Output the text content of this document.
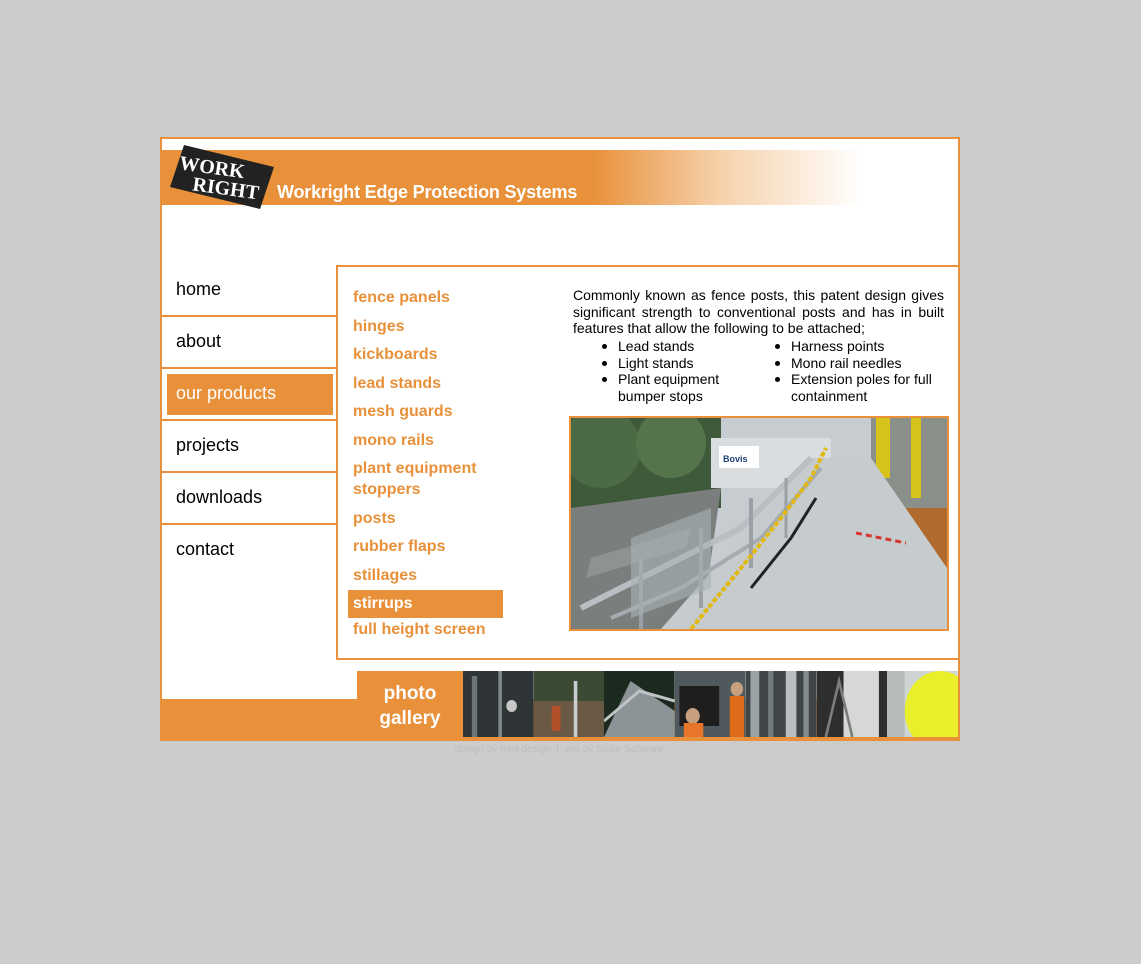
WORK
RIGHT Workright Edge Protection Systems
home
about
our products
projects
downloads
contact
fence panels
hinges
kickboards
lead stands
mesh guards
mono rails
plant equipment stoppers
posts
rubber flaps
stillages
stirrups
full height screen
Commonly known as fence posts, this patent design gives significant strength to conventional posts and has in built features that allow the following to be attached;
Lead stands
Light stands
Plant equipment bumper stops
Harness points
Mono rail needles
Extension poles for full containment
Bovis
photo
gallery
design by mini design | site by Spike Software
